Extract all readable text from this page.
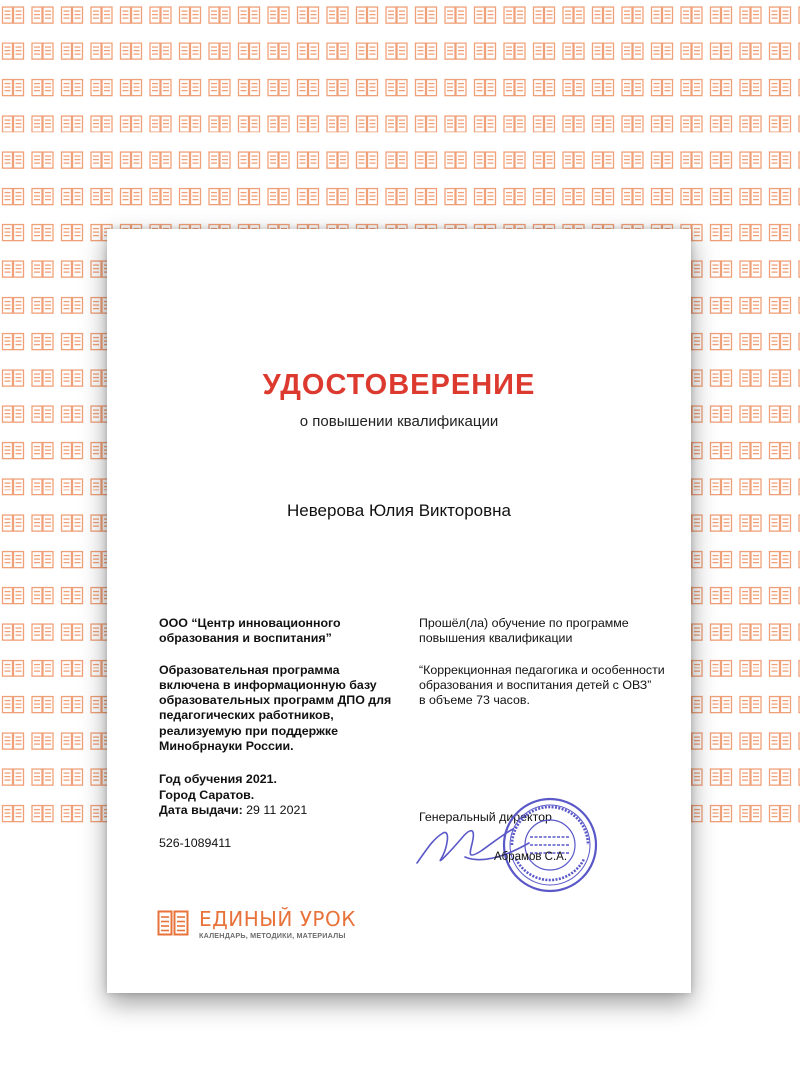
УДОСТОВЕРЕНИЕ
о повышении квалификации
Неверова Юлия Викторовна

ООО “Центр инновационного образования и воспитания”

Образовательная программа включена в информационную базу образовательных программ ДПО для педагогических работников, реализуемую при поддержке Минобрнауки России.

Год обучения 2021.
Город Саратов.
Дата выдачи: 29 11 2021

526-1089411

Прошёл(ла) обучение по программе повышения квалификации

“Коррекционная педагогика и особенности образования и воспитания детей с ОВЗ”

в объеме 73 часов.

Генеральный директор
Абрамов С.А.
ЕДИНЫЙ УРОК
КАЛЕНДАРЬ, МЕТОДИКИ, МАТЕРИАЛЫ
